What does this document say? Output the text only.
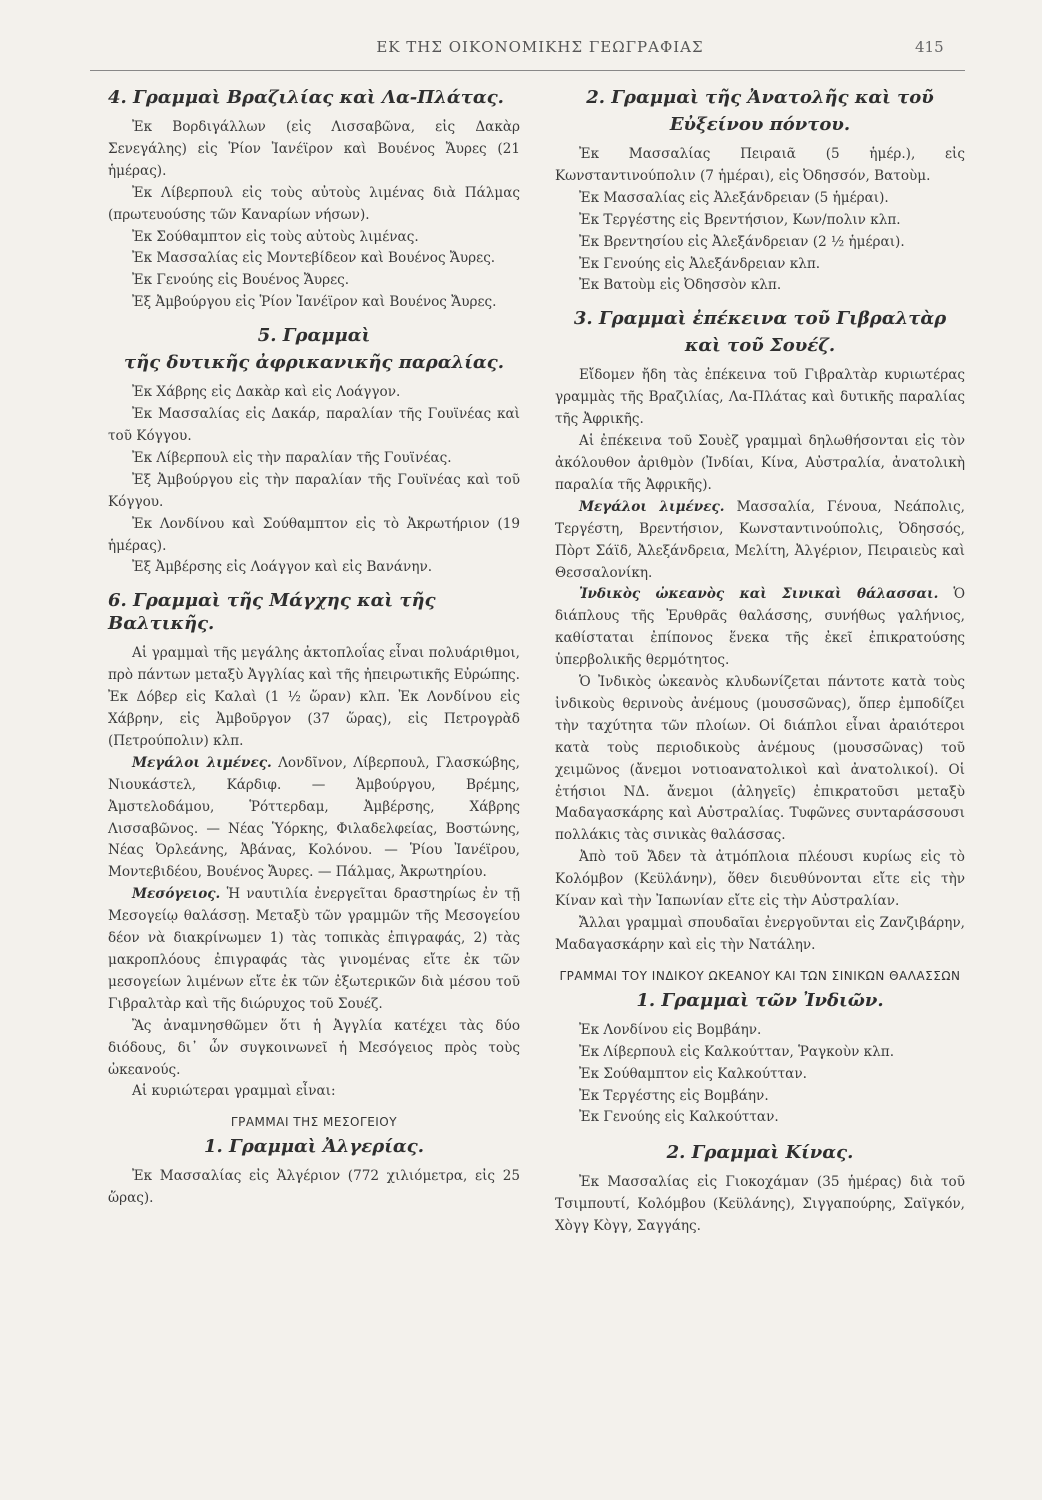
ΕΚ ΤΗΣ ΟΙΚΟΝΟΜΙΚΗΣ ΓΕΩΓΡΑΦΙΑΣ	415
4. Γραμμαὶ Βραζιλίας καὶ Λα-Πλάτας.

Ἐκ Βορδιγάλλων (εἰς Λισσαβῶνα, εἰς Δακὰρ Σενεγάλης) εἰς Ῥίον Ἰανέϊρον καὶ Βουένος Ἄυρες (21 ἡμέρας).

Ἐκ Λίβερπουλ εἰς τοὺς αὐτοὺς λιμένας διὰ Πάλμας (πρωτευούσης τῶν Καναρίων νήσων).

Ἐκ Σούθαμπτον εἰς τοὺς αὐτοὺς λιμένας.

Ἐκ Μασσαλίας εἰς Μοντεβίδεον καὶ Βουένος Ἄυρες.

Ἐκ Γενούης εἰς Βουένος Ἄυρες.

Ἐξ Ἀμβούργου εἰς Ῥίον Ἰανέϊρον καὶ Βουένος Ἄυρες.

5. Γραμμαὶ
τῆς δυτικῆς ἀφρικανικῆς παραλίας.

Ἐκ Χάβρης εἰς Δακὰρ καὶ εἰς Λοάγγον.

Ἐκ Μασσαλίας εἰς Δακάρ, παραλίαν τῆς Γουϊνέας καὶ τοῦ Κόγγου.

Ἐκ Λίβερπουλ εἰς τὴν παραλίαν τῆς Γουϊνέας.

Ἐξ Ἀμβούργου εἰς τὴν παραλίαν τῆς Γουϊνέας καὶ τοῦ Κόγγου.

Ἐκ Λονδίνου καὶ Σούθαμπτον εἰς τὸ Ἀκρωτήριον (19 ἡμέρας).

Ἐξ Ἀμβέρσης εἰς Λοάγγον καὶ εἰς Βανάνην.

6. Γραμμαὶ τῆς Μάγχης καὶ τῆς Βαλτικῆς.

Αἱ γραμμαὶ τῆς μεγάλης ἀκτοπλοΐας εἶναι πολυάριθμοι, πρὸ πάντων μεταξὺ Ἀγγλίας καὶ τῆς ἠπειρωτικῆς Εὐρώπης. Ἐκ Δόβερ εἰς Καλαὶ (1 ½ ὥραν) κλπ. Ἐκ Λονδίνου εἰς Χάβρην, εἰς Ἀμβοῦργον (37 ὥρας), εἰς Πετρογρὰδ (Πετρούπολιν) κλπ.

Μεγάλοι λιμένες. Λονδῖνον, Λίβερπουλ, Γλασκώβης, Νιουκάστελ, Κάρδιφ. — Ἀμβούργου, Βρέμης, Ἀμστελοδάμου, Ῥόττερδαμ, Ἀμβέρσης, Χάβρης Λισσαβῶνος. — Νέας Ὑόρκης, Φιλαδελφείας, Βοστώνης, Νέας Ὀρλεάνης, Ἀβάνας, Κολόνου. — Ῥίου Ἰανέϊρου, Μοντεβιδέου, Βουένος Ἄυρες. — Πάλμας, Ἀκρωτηρίου.

Μεσόγειος. Ἡ ναυτιλία ἐνεργεῖται δραστηρίως ἐν τῇ Μεσογείῳ θαλάσσῃ. Μεταξὺ τῶν γραμμῶν τῆς Μεσογείου δέον νὰ διακρίνωμεν 1) τὰς τοπικὰς ἐπιγραφάς, 2) τὰς μακροπλόους ἐπιγραφάς τὰς γινομένας εἴτε ἐκ τῶν μεσογείων λιμένων εἴτε ἐκ τῶν ἐξωτερικῶν διὰ μέσου τοῦ Γιβραλτὰρ καὶ τῆς διώρυχος τοῦ Σουέζ.

Ἂς ἀναμνησθῶμεν ὅτι ἡ Ἀγγλία κατέχει τὰς δύο διόδους, δι᾽ ὧν συγκοινωνεῖ ἡ Μεσόγειος πρὸς τοὺς ὠκεανούς.

Αἱ κυριώτεραι γραμμαὶ εἶναι:

ΓΡΑΜΜΑΙ ΤΗΣ ΜΕΣΟΓΕΙΟΥ
1. Γραμμαὶ Ἀλγερίας.

Ἐκ Μασσαλίας εἰς Ἀλγέριον (772 χιλιόμετρα, εἰς 25 ὥρας).

2. Γραμμαὶ τῆς Ἀνατολῆς καὶ τοῦ
Εὐξείνου πόντου.

Ἐκ Μασσαλίας Πειραιᾶ (5 ἡμέρ.), εἰς Κωνσταντινούπολιν (7 ἡμέραι), εἰς Ὀδησσόν, Βατοὺμ.

Ἐκ Μασσαλίας εἰς Ἀλεξάνδρειαν (5 ἡμέραι).

Ἐκ Τεργέστης εἰς Βρεντήσιον, Κων/πολιν κλπ.

Ἐκ Βρεντησίου εἰς Ἀλεξάνδρειαν (2 ½ ἡμέραι).

Ἐκ Γενούης εἰς Ἀλεξάνδρειαν κλπ.

Ἐκ Βατοὺμ εἰς Ὀδησσὸν κλπ.

3. Γραμμαὶ ἐπέκεινα τοῦ Γιβραλτὰρ
καὶ τοῦ Σουέζ.

Εἴδομεν ἤδη τὰς ἐπέκεινα τοῦ Γιβραλτὰρ κυριωτέρας γραμμὰς τῆς Βραζιλίας, Λα-Πλάτας καὶ δυτικῆς παραλίας τῆς Ἀφρικῆς.

Αἱ ἐπέκεινα τοῦ Σουὲζ γραμμαὶ δηλωθήσονται εἰς τὸν ἀκόλουθον ἀριθμὸν (Ἰνδίαι, Κίνα, Αὐστραλία, ἀνατολικὴ παραλία τῆς Ἀφρικῆς).

Μεγάλοι λιμένες. Μασσαλία, Γένουα, Νεάπολις, Τεργέστη, Βρεντήσιον, Κωνσταντινούπολις, Ὀδησσός, Πὸρτ Σάϊδ, Ἀλεξάνδρεια, Μελίτη, Ἀλγέριον, Πειραιεὺς καὶ Θεσσαλονίκη.

Ἰνδικὸς ὠκεανὸς καὶ Σινικαὶ θάλασσαι. Ὁ διάπλους τῆς Ἐρυθρᾶς θαλάσσης, συνήθως γαλήνιος, καθίσταται ἐπίπονος ἕνεκα τῆς ἐκεῖ ἐπικρατούσης ὑπερβολικῆς θερμότητος.

Ὁ Ἰνδικὸς ὠκεανὸς κλυδωνίζεται πάντοτε κατὰ τοὺς ἰνδικοὺς θερινοὺς ἀνέμους (μουσσῶνας), ὅπερ ἐμποδίζει τὴν ταχύτητα τῶν πλοίων. Οἱ διάπλοι εἶναι ἀραιότεροι κατὰ τοὺς περιοδικοὺς ἀνέμους (μουσσῶνας) τοῦ χειμῶνος (ἄνεμοι νοτιοανατολικοὶ καὶ ἀνατολικοί). Οἱ ἐτήσιοι ΝΔ. ἄνεμοι (ἀληγεῖς) ἐπικρατοῦσι μεταξὺ Μαδαγασκάρης καὶ Αὐστραλίας. Τυφῶνες συνταράσσουσι πολλάκις τὰς σινικὰς θαλάσσας.

Ἀπὸ τοῦ Ἄδεν τὰ ἀτμόπλοια πλέουσι κυρίως εἰς τὸ Κολόμβον (Κεϋλάνην), ὅθεν διευθύνονται εἴτε εἰς τὴν Κίναν καὶ τὴν Ἰαπωνίαν εἴτε εἰς τὴν Αὐστραλίαν.

Ἄλλαι γραμμαὶ σπουδαῖαι ἐνεργοῦνται εἰς Ζανζιβάρην, Μαδαγασκάρην καὶ εἰς τὴν Νατάλην.

ΓΡΑΜΜΑΙ ΤΟΥ ΙΝΔΙΚΟΥ ΩΚΕΑΝΟΥ ΚΑΙ ΤΩΝ ΣΙΝΙΚΩΝ ΘΑΛΑΣΣΩΝ
1. Γραμμαὶ τῶν Ἰνδιῶν.

Ἐκ Λονδίνου εἰς Βομβάην.

Ἐκ Λίβερπουλ εἰς Καλκούτταν, Ῥαγκοὺν κλπ.

Ἐκ Σούθαμπτον εἰς Καλκούτταν.

Ἐκ Τεργέστης εἰς Βομβάην.

Ἐκ Γενούης εἰς Καλκούτταν.

2. Γραμμαὶ Κίνας.

Ἐκ Μασσαλίας εἰς Γιοκοχάμαν (35 ἡμέρας) διὰ τοῦ Τσιμπουτί, Κολόμβου (Κεϋλάνης), Σιγγαπούρης, Σαϊγκόν, Χὸγγ Κὸγγ, Σαγγάης.
